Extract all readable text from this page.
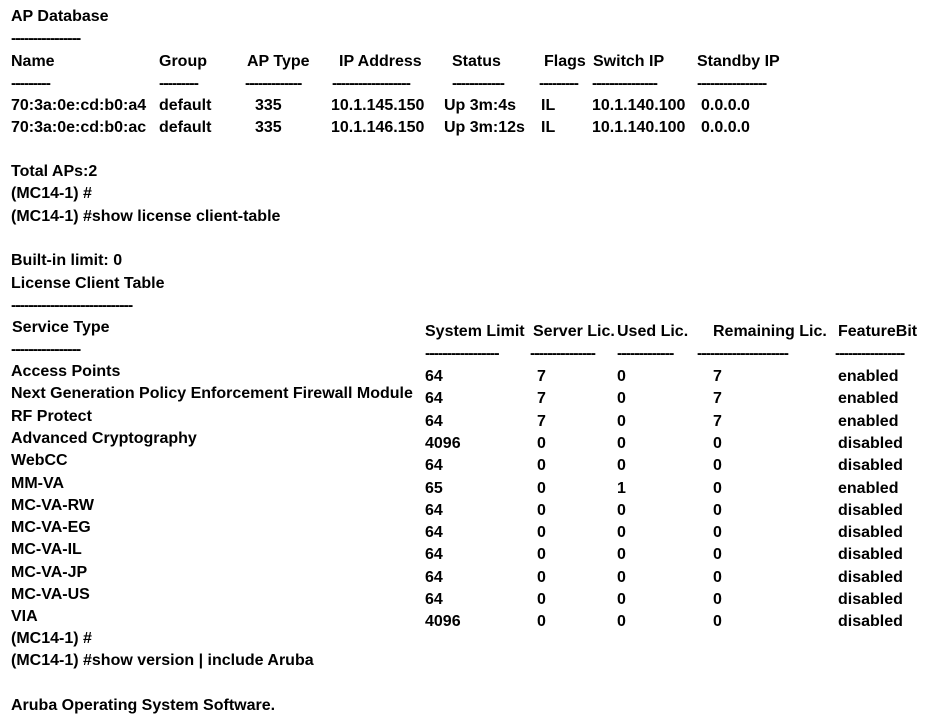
AP Database
----------------
Name	Group	AP Type IP Address Status	Flags Switch IP Standby IP
---------	---------	------------- ------------------	------------ --------- ---------------	----------------
70:3a:0e:cd:b0:a4 default	335	10.1.145.150 Up 3m:4s IL 10.1.140.100 0.0.0.0
70:3a:0e:cd:b0:ac default	335	10.1.146.150 Up 3m:12s IL 10.1.140.100 0.0.0.0
Total APs:2
(MC14-1) #
(MC14-1) #show license client-table
Built-in limit: 0
License Client Table
----------------------------
Service Type	System Limit Server Lic. Used Lic. Remaining Lic. FeatureBit
----------------	----------------- --------------- ------------- ---------------------	----------------
Access Points	64	7	0	7	enabled
Next Generation Policy Enforcement Firewall Module 64	7	0	7	enabled
RF Protect	64	7	0	7	enabled
Advanced Cryptography	4096	0	0	0	disabled
WebCC	64	0	0	0	disabled
MM-VA	65	0	1	0	enabled
MC-VA-RW	64	0	0	0	disabled
MC-VA-EG	64	0	0	0	disabled
MC-VA-IL	64	0	0	0	disabled
MC-VA-JP	64	0	0	0	disabled
MC-VA-US	64	0	0	0	disabled
VIA	4096	0	0	0	disabled
(MC14-1) #
(MC14-1) #show version | include Aruba
Aruba Operating System Software.
